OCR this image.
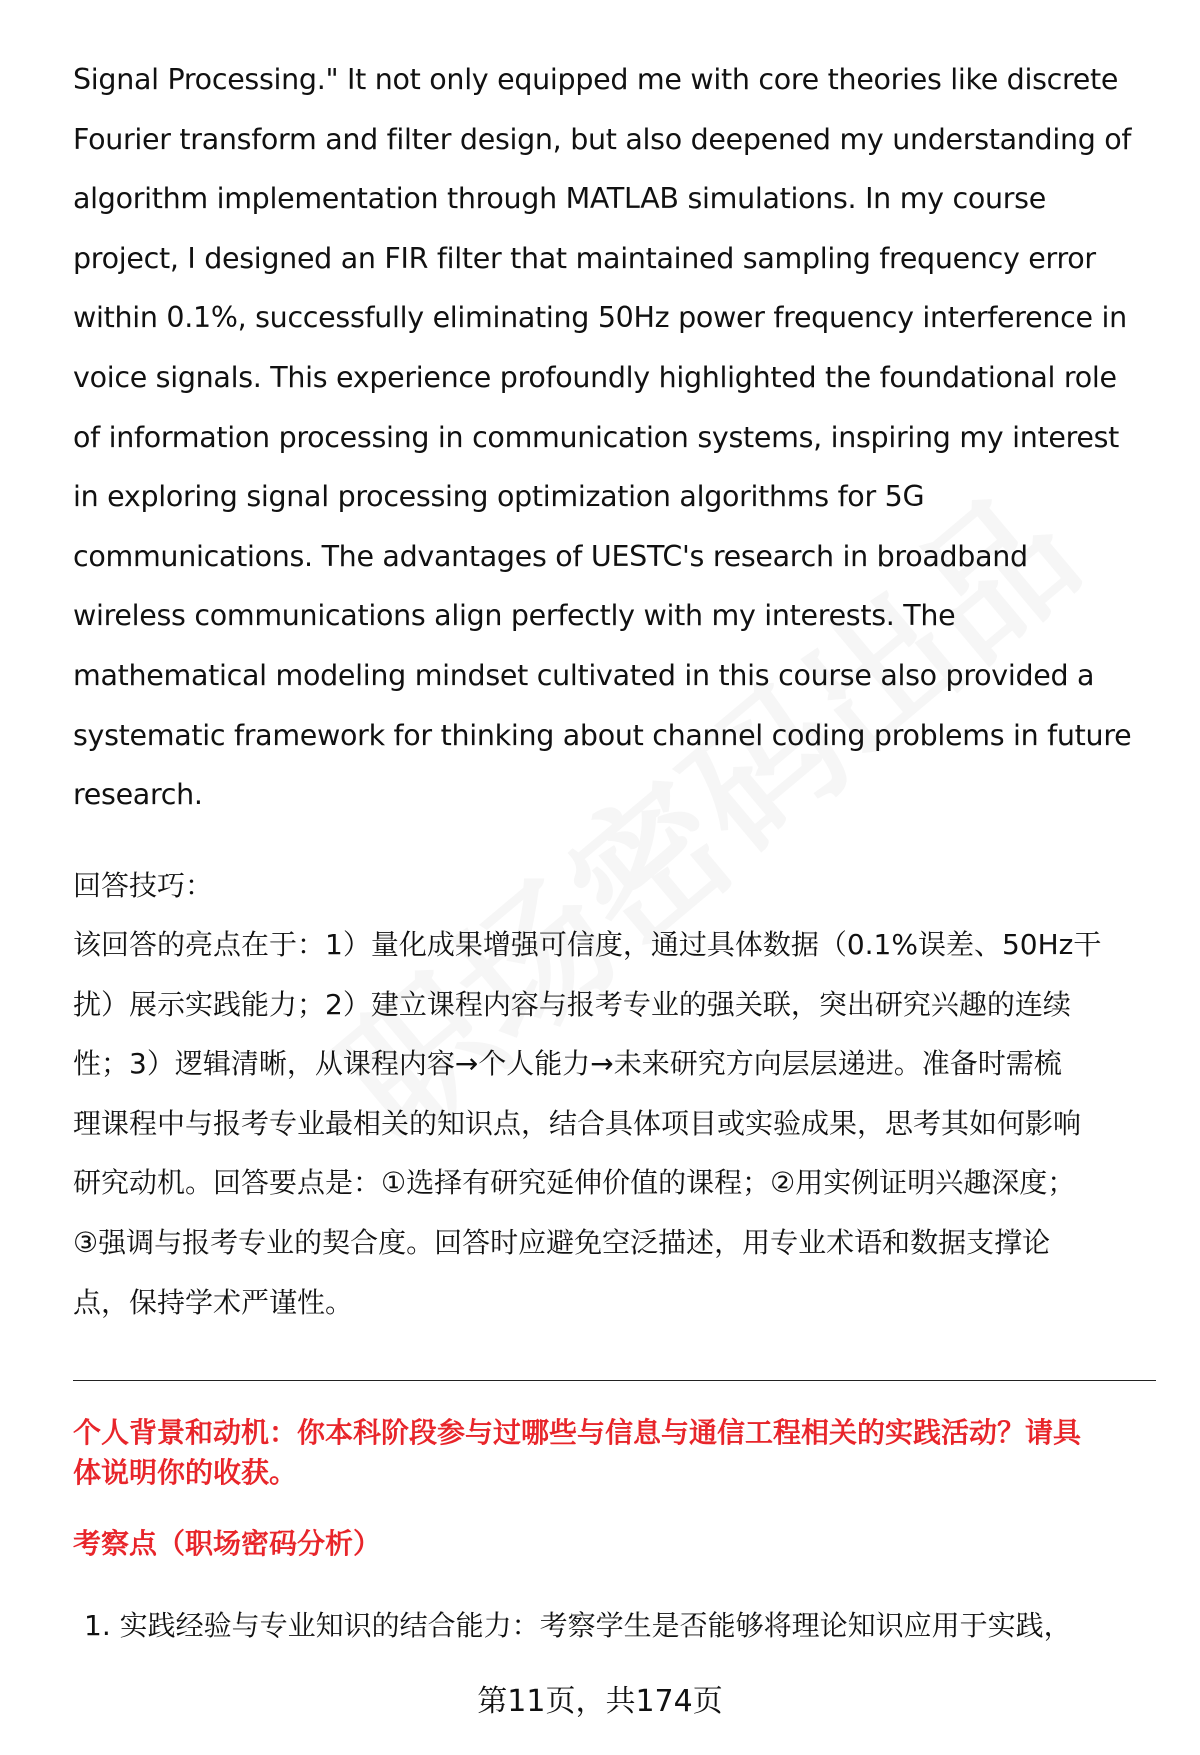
Signal Processing." It not only equipped me with core theories like discrete
Fourier transform and filter design, but also deepened my understanding of
algorithm implementation through MATLAB simulations. In my course
project, I designed an FIR filter that maintained sampling frequency error
within 0.1%, successfully eliminating 50Hz power frequency interference in
voice signals. This experience profoundly highlighted the foundational role
of information processing in communication systems, inspiring my interest
in exploring signal processing optimization algorithms for 5G
communications. The advantages of UESTC's research in broadband
wireless communications align perfectly with my interests. The
mathematical modeling mindset cultivated in this course also provided a
systematic framework for thinking about channel coding problems in future
research.
回答技巧：
该回答的亮点在于：1）量化成果增强可信度，通过具体数据（0.1%误差、50Hz干
扰）展示实践能力；2）建立课程内容与报考专业的强关联，突出研究兴趣的连续
性；3）逻辑清晰，从课程内容→个人能力→未来研究方向层层递进。准备时需梳
理课程中与报考专业最相关的知识点，结合具体项目或实验成果，思考其如何影响
研究动机。回答要点是：①选择有研究延伸价值的课程；②用实例证明兴趣深度；
③强调与报考专业的契合度。回答时应避免空泛描述，用专业术语和数据支撑论
点，保持学术严谨性。
个人背景和动机：你本科阶段参与过哪些与信息与通信工程相关的实践活动？请具
体说明你的收获。
考察点（职场密码分析）
1. 实践经验与专业知识的结合能力：考察学生是否能够将理论知识应用于实践，
第11页，共174页
